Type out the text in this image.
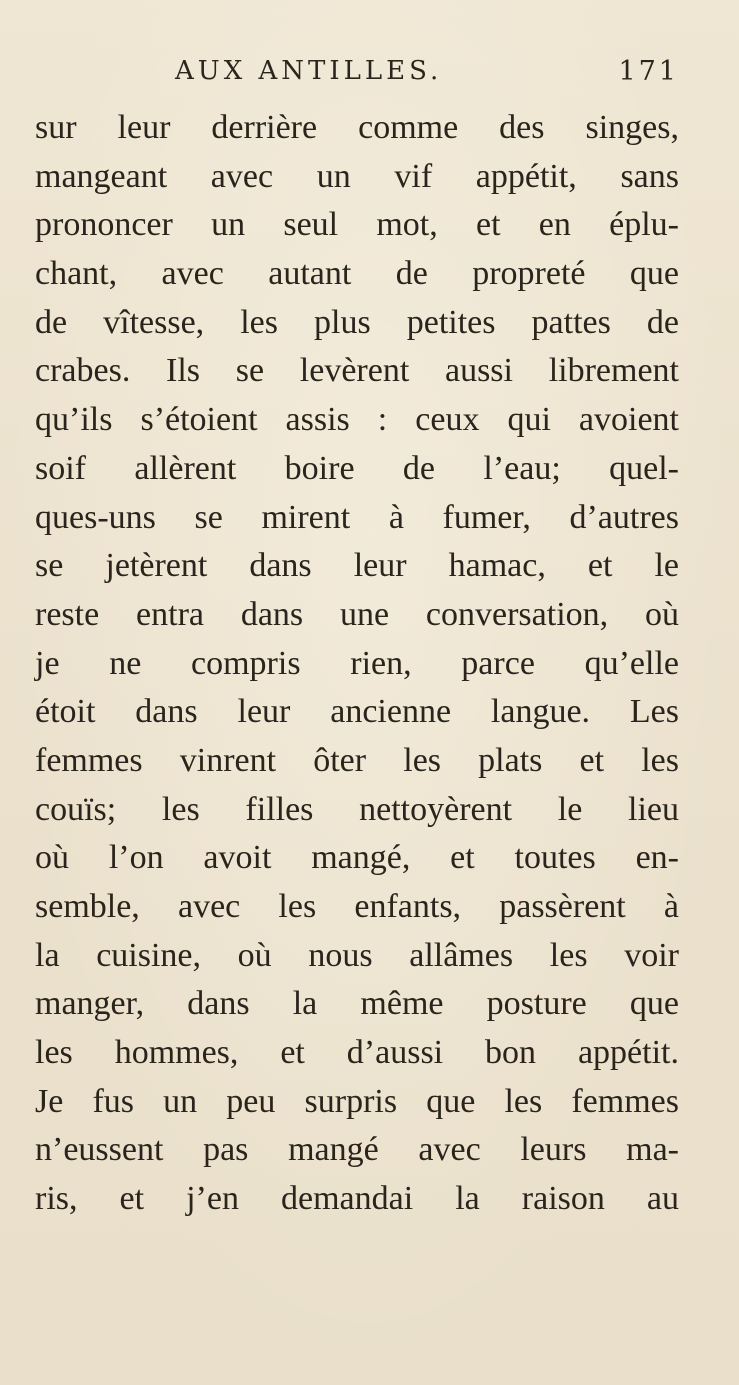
AUX ANTILLES.	171
sur leur derrière comme des singes,
mangeant avec un vif appétit, sans
prononcer un seul mot, et en éplu-
chant, avec autant de propreté que
de vîtesse, les plus petites pattes de
crabes. Ils se levèrent aussi librement
qu’ils s’étoient assis : ceux qui avoient
soif allèrent boire de l’eau; quel-
ques-uns se mirent à fumer, d’autres
se jetèrent dans leur hamac, et le
reste entra dans une conversation, où
je ne compris rien, parce qu’elle
étoit dans leur ancienne langue. Les
femmes vinrent ôter les plats et les
couïs; les filles nettoyèrent le lieu
où l’on avoit mangé, et toutes en-
semble, avec les enfants, passèrent à
la cuisine, où nous allâmes les voir
manger, dans la même posture que
les hommes, et d’aussi bon appétit.
Je fus un peu surpris que les femmes
n’eussent pas mangé avec leurs ma-
ris, et j’en demandai la raison au
